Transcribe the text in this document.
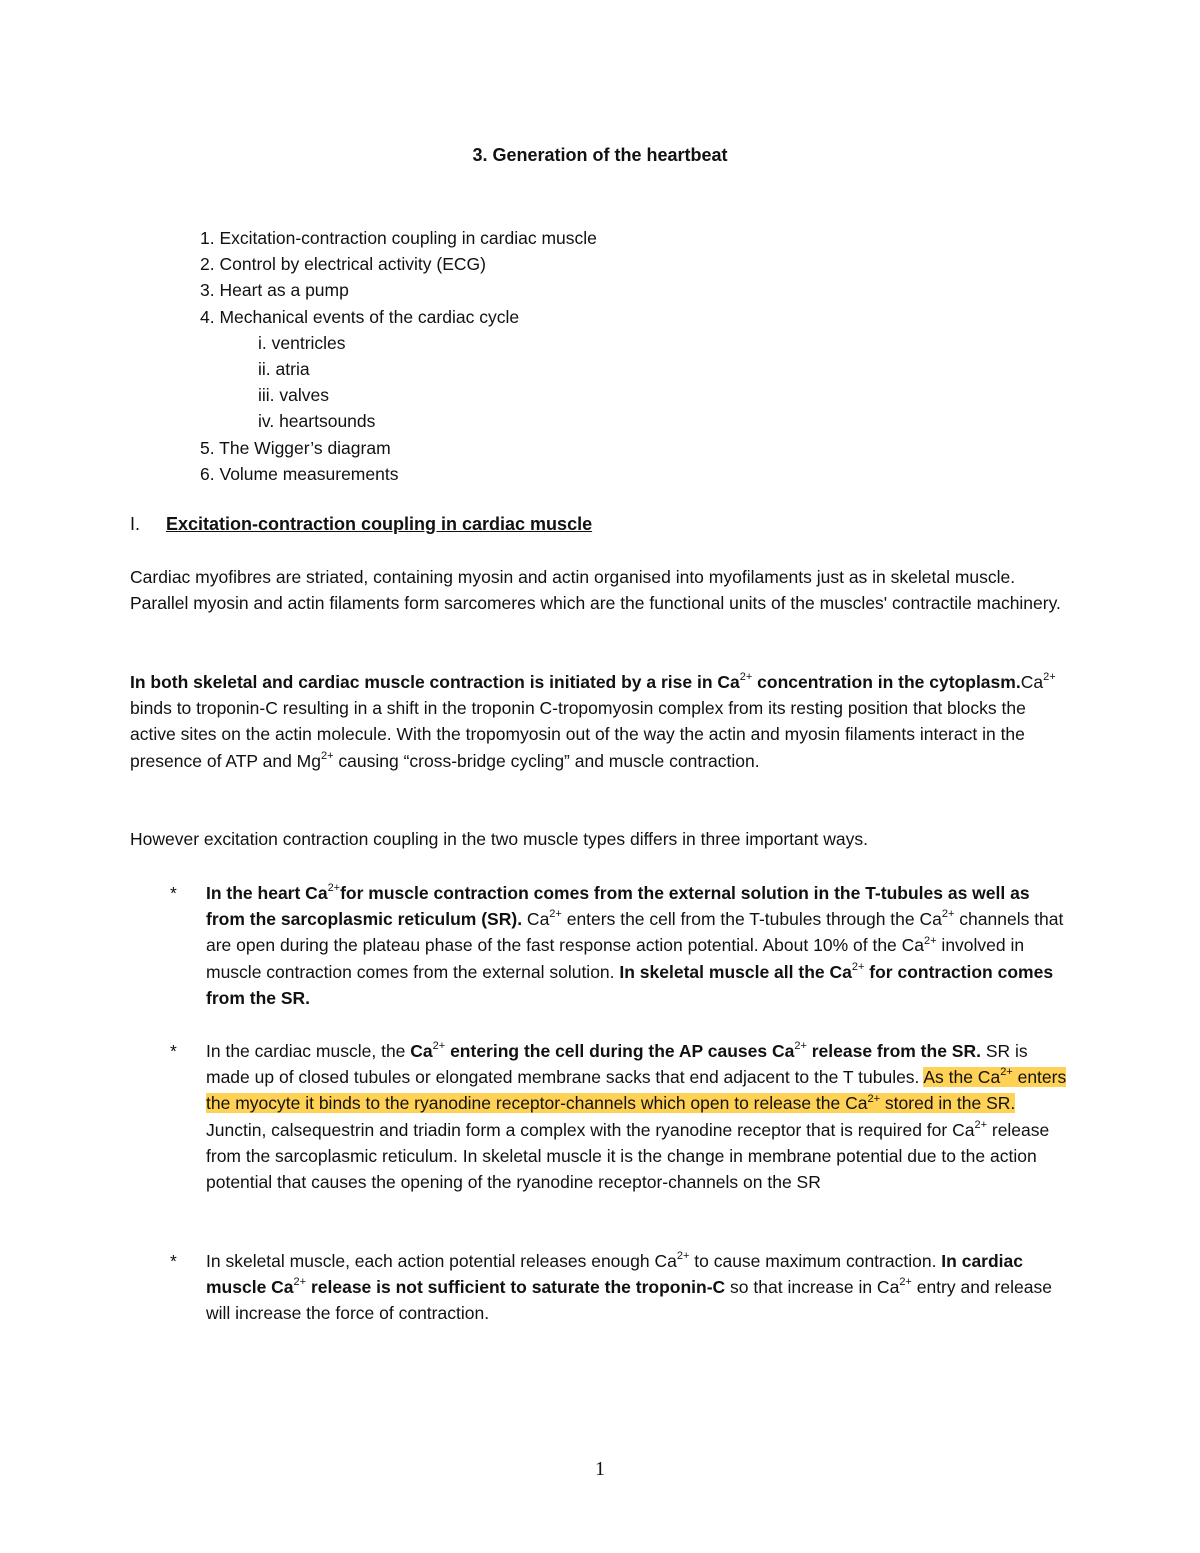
3. Generation of the heartbeat
1. Excitation-contraction coupling in cardiac muscle
2. Control by electrical activity (ECG)
3. Heart as a pump
4. Mechanical events of the cardiac cycle
i. ventricles
ii. atria
iii. valves
iv. heartsounds
5. The Wigger’s diagram
6. Volume measurements
I. Excitation-contraction coupling in cardiac muscle

Cardiac myofibres are striated, containing myosin and actin organised into myofilaments just as in skeletal muscle. Parallel myosin and actin filaments form sarcomeres which are the functional units of the muscles' contractile machinery.

In both skeletal and cardiac muscle contraction is initiated by a rise in $Ca^{2+}$ concentration in the $cytoplasm.Ca^{2+}$ binds to troponin-C resulting in a shift in the troponin C-tropomyosin complex from its resting position that blocks the active sites on the actin molecule. With the tropomyosin out of the way the actin and myosin filaments interact in the presence of ATP and $Mg^{2+}$ causing “cross-bridge cycling” and muscle contraction.

However excitation contraction coupling in the two muscle types differs in three important ways.

*	In the heart $Ca^{2+}for$ muscle contraction comes from the external solution in the T-tubules as well as from the sarcoplasmic reticulum (SR). $Ca^{2+}$ enters the cell from the T-tubules through the $Ca^{2+}$ channels that are open during the plateau phase of the fast response action potential. About 10% of the $Ca^{2+}$ involved in muscle contraction comes from the external solution. In skeletal muscle all the $Ca^{2+}$ for contraction comes from the SR.
*	In the cardiac muscle, the $Ca^{2+}$ entering the cell during the AP causes $Ca^{2+}$ release from the SR. SR is made up of closed tubules or elongated membrane sacks that end adjacent to the T tubules. As the $Ca^{2+}$ enters the myocyte it binds to the ryanodine receptor-channels which open to release the $Ca^{2+}$ stored in the SR. Junctin, calsequestrin and triadin form a complex with the ryanodine receptor that is required for $Ca^{2+}$ release from the sarcoplasmic reticulum. In skeletal muscle it is the change in membrane potential due to the action potential that causes the opening of the ryanodine receptor-channels on the SR
*	In skeletal muscle, each action potential releases enough $Ca^{2+}$ to cause maximum contraction. In cardiac muscle $Ca^{2+}$ release is not sufficient to saturate the troponin-C so that increase in $Ca^{2+}$ entry and release will increase the force of contraction.
1
